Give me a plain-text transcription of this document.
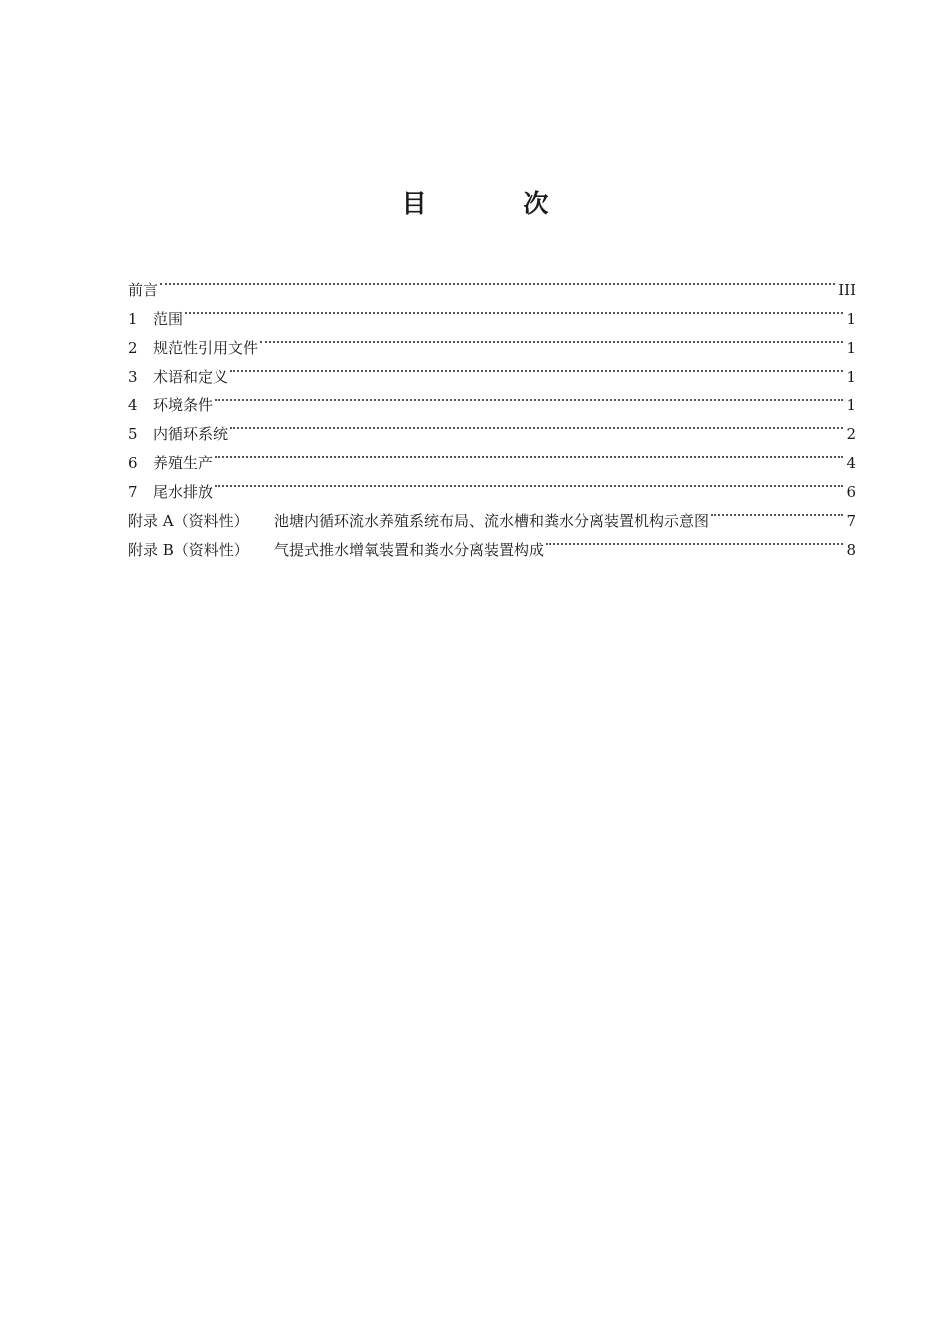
目 次
前言	III
1	范围	1
2	规范性引用文件	1
3	术语和定义	1
4	环境条件	1
5	内循环系统	2
6	养殖生产	4
7	尾水排放	6
附录 A（资料性）	池塘内循环流水养殖系统布局、流水槽和粪水分离装置机构示意图	7
附录 B（资料性）	气提式推水增氧装置和粪水分离装置构成	8
